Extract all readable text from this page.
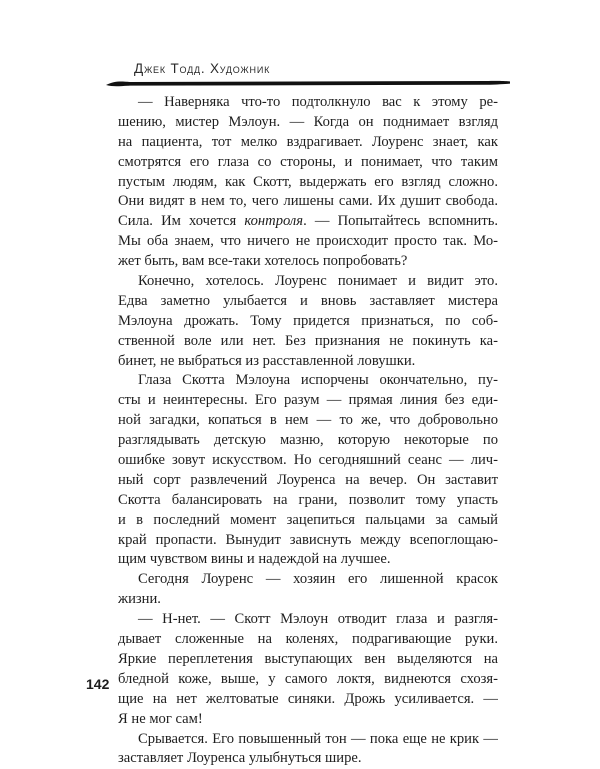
Джек Тодд. Художник
— Наверняка что-то подтолкнуло вас к этому ре-
шению, мистер Мэлоун. — Когда он поднимает взгляд
на пациента, тот мелко вздрагивает. Лоуренс знает, как
смотрятся его глаза со стороны, и понимает, что таким
пустым людям, как Скотт, выдержать его взгляд сложно.
Они видят в нем то, чего лишены сами. Их душит свобода.
Сила. Им хочется контроля. — Попытайтесь вспомнить.
Мы оба знаем, что ничего не происходит просто так. Мо-
жет быть, вам все-таки хотелось попробовать?
Конечно, хотелось. Лоуренс понимает и видит это.
Едва заметно улыбается и вновь заставляет мистера
Мэлоуна дрожать. Тому придется признаться, по соб-
ственной воле или нет. Без признания не покинуть ка-
бинет, не выбраться из расставленной ловушки.
Глаза Скотта Мэлоуна испорчены окончательно, пу-
сты и неинтересны. Его разум — прямая линия без еди-
ной загадки, копаться в нем — то же, что добровольно
разглядывать детскую мазню, которую некоторые по
ошибке зовут искусством. Но сегодняшний сеанс — лич-
ный сорт развлечений Лоуренса на вечер. Он заставит
Скотта балансировать на грани, позволит тому упасть
и в последний момент зацепиться пальцами за самый
край пропасти. Вынудит зависнуть между всепоглощаю-
щим чувством вины и надеждой на лучшее.
Сегодня Лоуренс — хозяин его лишенной красок
жизни.
— Н-нет. — Скотт Мэлоун отводит глаза и разгля-
дывает сложенные на коленях, подрагивающие руки.
Яркие переплетения выступающих вен выделяются на
бледной коже, выше, у самого локтя, виднеются схозя-
щие на нет желтоватые синяки. Дрожь усиливается. —
Я не мог сам!
Срывается. Его повышенный тон — пока еще не крик —
заставляет Лоуренса улыбнуться шире.
142
